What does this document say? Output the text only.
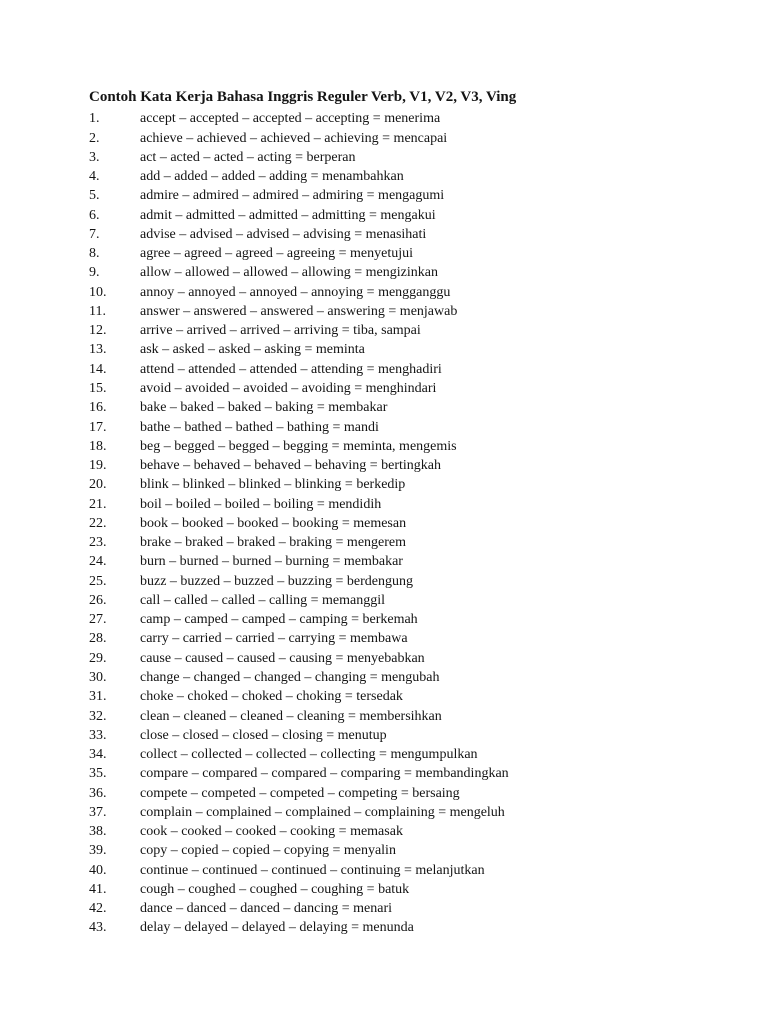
Contoh Kata Kerja Bahasa Inggris Reguler Verb, V1, V2, V3, Ving
1.	accept – accepted – accepted – accepting = menerima
2.	achieve – achieved – achieved – achieving = mencapai
3.	act – acted – acted – acting = berperan
4.	add – added – added – adding = menambahkan
5.	admire – admired – admired – admiring = mengagumi
6.	admit – admitted – admitted – admitting = mengakui
7.	advise – advised – advised – advising = menasihati
8.	agree – agreed – agreed – agreeing = menyetujui
9.	allow – allowed – allowed – allowing = mengizinkan
10.	annoy – annoyed – annoyed – annoying = mengganggu
11.	answer – answered – answered – answering = menjawab
12.	arrive – arrived – arrived – arriving = tiba, sampai
13.	ask – asked – asked – asking = meminta
14.	attend – attended – attended – attending = menghadiri
15.	avoid – avoided – avoided – avoiding = menghindari
16.	bake – baked – baked – baking = membakar
17.	bathe – bathed – bathed – bathing = mandi
18.	beg – begged – begged – begging = meminta, mengemis
19.	behave – behaved – behaved – behaving = bertingkah
20.	blink – blinked – blinked – blinking = berkedip
21.	boil – boiled – boiled – boiling = mendidih
22.	book – booked – booked – booking = memesan
23.	brake – braked – braked – braking = mengerem
24.	burn – burned – burned – burning = membakar
25.	buzz – buzzed – buzzed – buzzing = berdengung
26.	call – called – called – calling = memanggil
27.	camp – camped – camped – camping = berkemah
28.	carry – carried – carried – carrying = membawa
29.	cause – caused – caused – causing = menyebabkan
30.	change – changed – changed – changing = mengubah
31.	choke – choked – choked – choking = tersedak
32.	clean – cleaned – cleaned – cleaning = membersihkan
33.	close – closed – closed – closing = menutup
34.	collect – collected – collected – collecting = mengumpulkan
35.	compare – compared – compared – comparing = membandingkan
36.	compete – competed – competed – competing = bersaing
37.	complain – complained – complained – complaining = mengeluh
38.	cook – cooked – cooked – cooking = memasak
39.	copy – copied – copied – copying = menyalin
40.	continue – continued – continued – continuing = melanjutkan
41.	cough – coughed – coughed – coughing = batuk
42.	dance – danced – danced – dancing = menari
43.	delay – delayed – delayed – delaying = menunda
